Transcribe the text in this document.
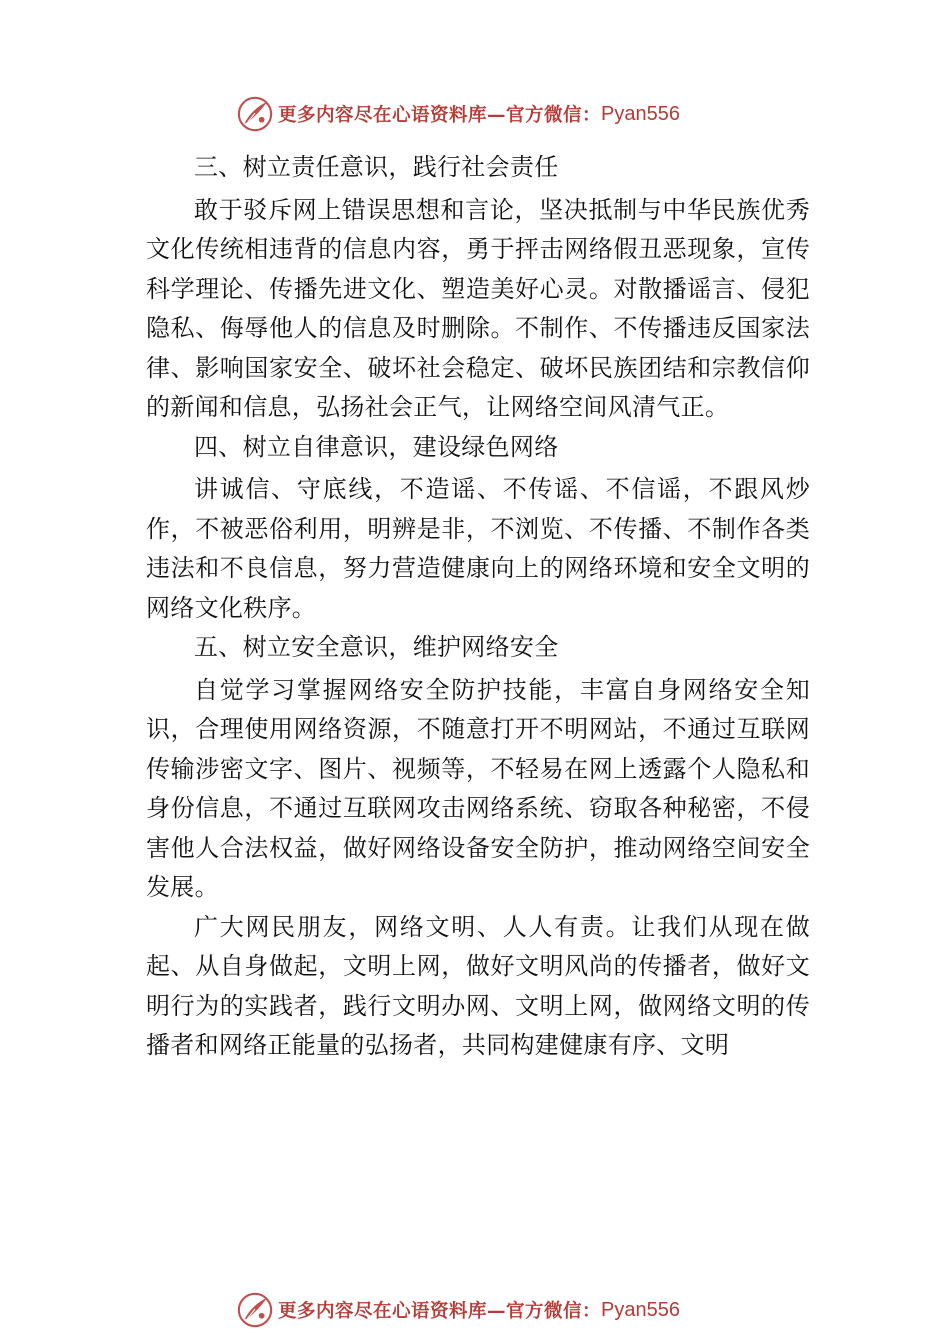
更多内容尽在心语资料库—官方微信： Pyan556

三、树立责任意识，践行社会责任

敢于驳斥网上错误思想和言论，坚决抵制与中华民族优秀文化传统相违背的信息内容，勇于抨击网络假丑恶现象，宣传科学理论、传播先进文化、塑造美好心灵。对散播谣言、侵犯隐私、侮辱他人的信息及时删除。不制作、不传播违反国家法律、影响国家安全、破坏社会稳定、破坏民族团结和宗教信仰的新闻和信息，弘扬社会正气，让网络空间风清气正。

四、树立自律意识，建设绿色网络

讲诚信、守底线，不造谣、不传谣、不信谣，不跟风炒作，不被恶俗利用，明辨是非，不浏览、不传播、不制作各类违法和不良信息，努力营造健康向上的网络环境和安全文明的网络文化秩序。

五、树立安全意识，维护网络安全

自觉学习掌握网络安全防护技能，丰富自身网络安全知识，合理使用网络资源，不随意打开不明网站，不通过互联网传输涉密文字、图片、视频等，不轻易在网上透露个人隐私和身份信息，不通过互联网攻击网络系统、窃取各种秘密，不侵害他人合法权益，做好网络设备安全防护，推动网络空间安全发展。

广大网民朋友，网络文明、人人有责。让我们从现在做起、从自身做起，文明上网，做好文明风尚的传播者，做好文明行为的实践者，践行文明办网、文明上网，做网络文明的传播者和网络正能量的弘扬者，共同构建健康有序、文明

更多内容尽在心语资料库—官方微信： Pyan556
